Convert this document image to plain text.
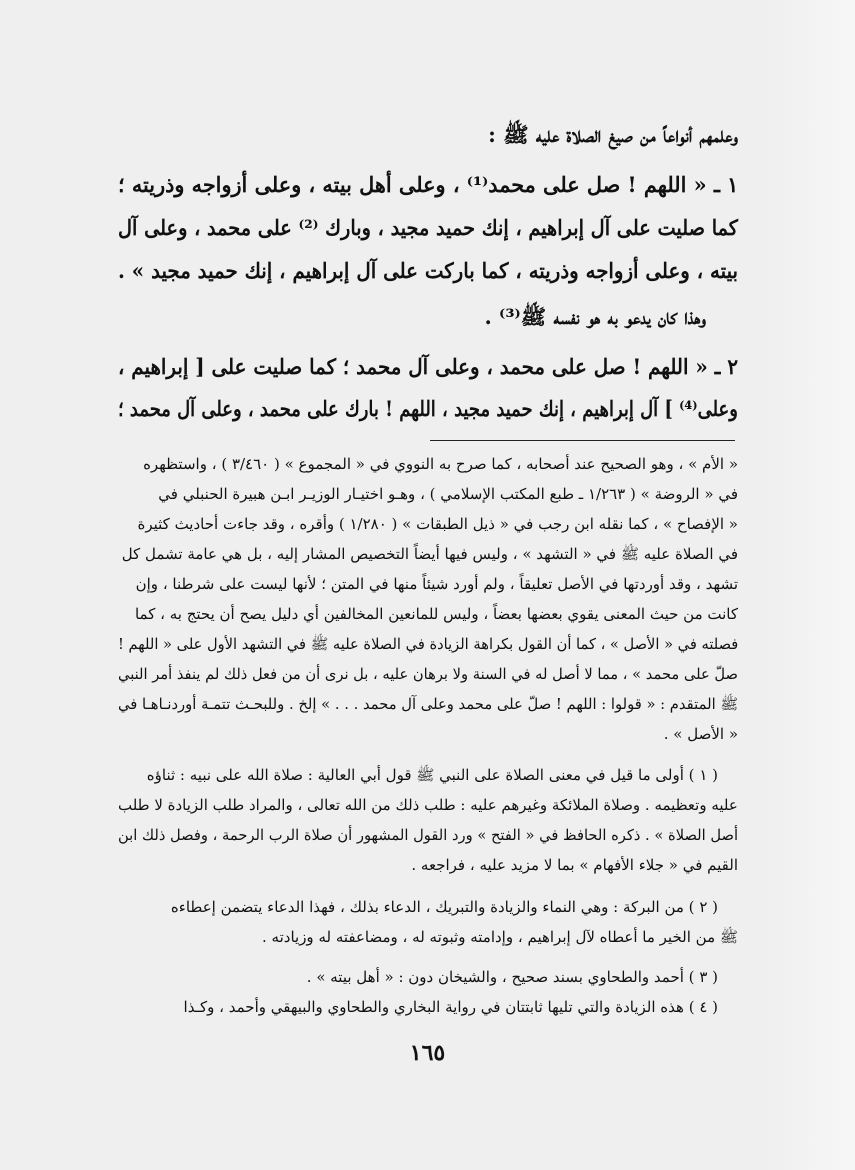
وعلمهم أنواعاً من صيغ الصلاة عليه ﷺ :
١ ـ « اللهم ! صل على محمد⁽¹⁾ ، وعلى أهل بيته ، وعلى أزواجه وذريته ؛
كما صليت على آل إبراهيم ، إنك حميد مجيد ، وبارك ⁽²⁾ على محمد ، وعلى آل
بيته ، وعلى أزواجه وذريته ، كما باركت على آل إبراهيم ، إنك حميد مجيد » .
وهذا كان يدعو به هو نفسه ﷺ⁽³⁾ .
٢ ـ « اللهم ! صل على محمد ، وعلى آل محمد ؛ كما صليت على [ إبراهيم ،
وعلى⁽⁴⁾ ] آل إبراهيم ، إنك حميد مجيد ، اللهم ! بارك على محمد ، وعلى آل محمد ؛
« الأم » ، وهو الصحيح عند أصحابه ، كما صرح به النووي في « المجموع » ( ٣/٤٦٠ ) ، واستظهره
في « الروضة » ( ١/٢٦٣ ـ طبع المكتب الإسلامي ) ، وهـو اختيـار الوزيـر ابـن هبيرة الحنبلي في
« الإفصاح » ، كما نقله ابن رجب في « ذيل الطبقات » ( ١/٢٨٠ ) وأقره ، وقد جاءت أحاديث كثيرة
في الصلاة عليه ﷺ في « التشهد » ، وليس فيها أيضاً التخصيص المشار إليه ، بل هي عامة تشمل كل
تشهد ، وقد أوردتها في الأصل تعليقاً ، ولم أورد شيئاً منها في المتن ؛ لأنها ليست على شرطنا ، وإن
كانت من حيث المعنى يقوي بعضها بعضاً ، وليس للمانعين المخالفين أي دليل يصح أن يحتج به ، كما
فصلته في « الأصل » ، كما أن القول بكراهة الزيادة في الصلاة عليه ﷺ في التشهد الأول على « اللهم !
صلّ على محمد » ، مما لا أصل له في السنة ولا برهان عليه ، بل نرى أن من فعل ذلك لم ينفذ أمر النبي
ﷺ المتقدم : « قولوا : اللهم ! صلّ على محمد وعلى آل محمد . . . » إلخ . وللبحـث تتمـة أوردنـاهـا في
« الأصل » .
( ١ ) أولى ما قيل في معنى الصلاة على النبي ﷺ قول أبي العالية : صلاة الله على نبيه : ثناؤه
عليه وتعظيمه . وصلاة الملائكة وغيرهم عليه : طلب ذلك من الله تعالى ، والمراد طلب الزيادة لا طلب
أصل الصلاة » . ذكره الحافظ في « الفتح » ورد القول المشهور أن صلاة الرب الرحمة ، وفصل ذلك ابن
القيم في « جلاء الأفهام » بما لا مزيد عليه ، فراجعه .
( ٢ ) من البركة : وهي النماء والزيادة والتبريك ، الدعاء بذلك ، فهذا الدعاء يتضمن إعطاءه
ﷺ من الخير ما أعطاه لآل إبراهيم ، وإدامته وثبوته له ، ومضاعفته له وزيادته .
( ٣ ) أحمد والطحاوي بسند صحيح ، والشيخان دون : « أهل بيته » .
( ٤ ) هذه الزيادة والتي تليها ثابتتان في رواية البخاري والطحاوي والبيهقي وأحمد ، وكـذا
١٦٥
